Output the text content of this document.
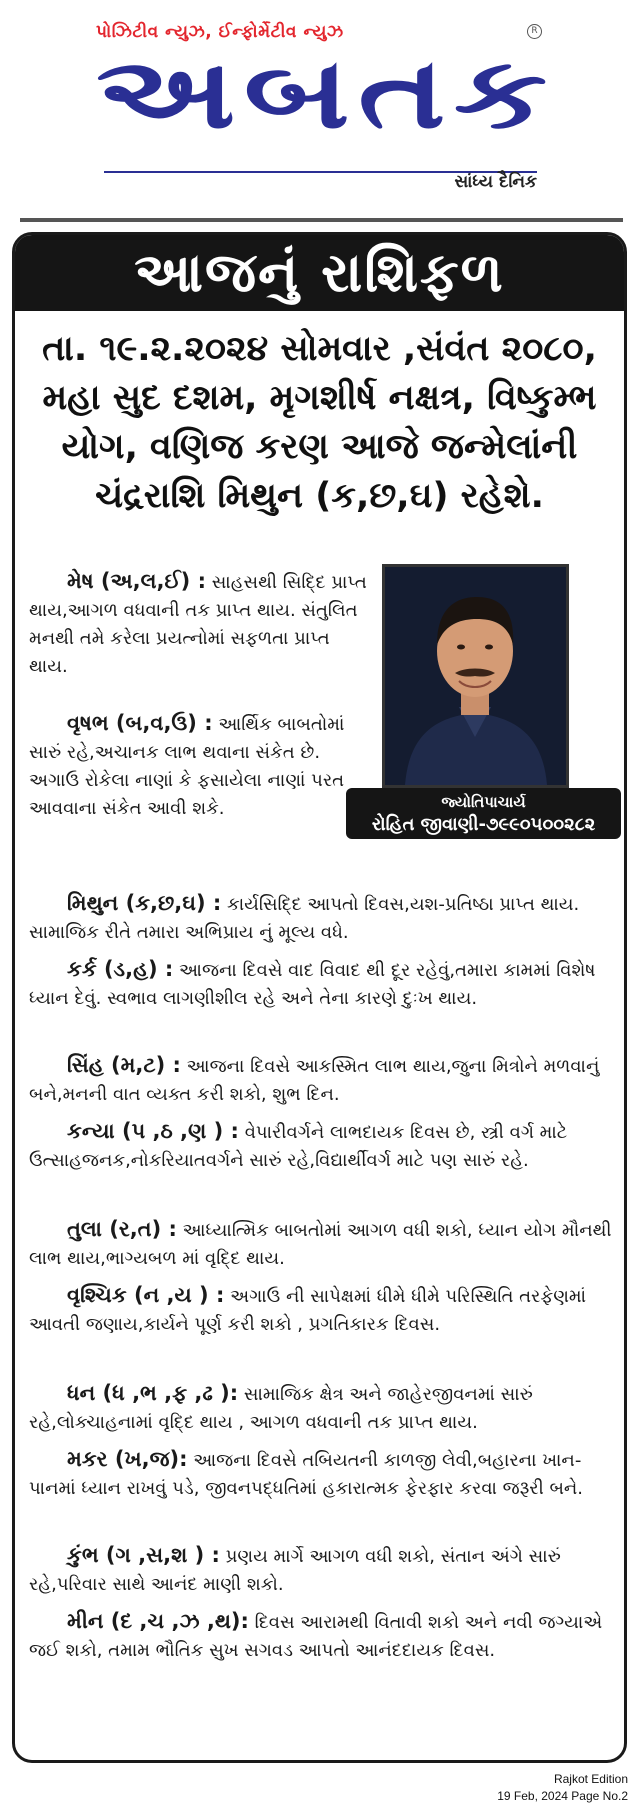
પોઝિટીવ ન્યુઝ, ઈન્ફોર્મેટીવ ન્યુઝ	R
અબતક
સાંધ્ય દૈનિક
આજનું રાશિફળ
તા. ૧૯.૨.૨૦૨૪ સોમવાર ,સંવંત ૨૦૮૦, મહા સુદ દશમ, મૃગશીર્ષ નક્ષત્ર, વિષ્કુમ્ભ યોગ, વણિજ કરણ આજે જન્મેલાંની ચંદ્રરાશિ મિથુન (ક,છ,ઘ) રહેશે.
મેષ (અ,લ,ઈ) : સાહસથી સિદ્દિ પ્રાપ્ત થાય,આગળ વધવાની તક પ્રાપ્ત થાય. સંતુલિત મનથી તમે કરેલા પ્રયત્નોમાં સફળતા પ્રાપ્ત થાય.
વૃષભ (બ,વ,ઉ) : આર્થિક બાબતોમાં સારું રહે,અચાનક લાભ થવાના સંકેત છે. અગાઉ રોકેલા નાણાં કે ફસાયેલા નાણાં પરત આવવાના સંકેત આવી શકે.
મિથુન (ક,છ,ઘ) : કાર્યસિદ્દિ આપતો દિવસ,યશ-પ્રતિષ્ઠા પ્રાપ્ત થાય. સામાજિક રીતે તમારા અભિપ્રાય નું મૂલ્ય વધે.
કર્ક (ડ,હ) : આજના દિવસે વાદ વિવાદ થી દૂર રહેવું,તમારા કામમાં વિશેષ ધ્યાન દેવું. સ્વભાવ લાગણીશીલ રહે અને તેના કારણે દુઃખ થાય.
સિંહ (મ,ટ) : આજના દિવસે આકસ્મિત લાભ થાય,જુના મિત્રોને મળવાનું બને,મનની વાત વ્યક્ત કરી શકો, શુભ દિન.
કન્યા (પ ,ઠ ,ણ ) : વેપારીવર્ગને લાભદાયક દિવસ છે, સ્ત્રી વર્ગ માટે ઉત્સાહજનક,નોકરિયાતવર્ગને સારું રહે,વિદ્યાર્થીવર્ગ માટે પણ સારું રહે.
તુલા (ર,ત) : આધ્યાત્મિક બાબતોમાં આગળ વધી શકો, ધ્યાન યોગ મૌનથી લાભ થાય,ભાગ્યબળ માં વૃદ્દિ થાય.
વૃશ્ચિક (ન ,ય ) : અગાઉ ની સાપેક્ષમાં ધીમે ધીમે પરિસ્થિતિ તરફેણમાં આવતી જણાય,કાર્યને પૂર્ણ કરી શકો , પ્રગતિકારક દિવસ.
ધન (ધ ,ભ ,ફ ,ઢ ): સામાજિક ક્ષેત્ર અને જાહેરજીવનમાં સારું રહે,લોક્ચાહનામાં વૃદ્દિ થાય , આગળ વધવાની તક પ્રાપ્ત થાય.
મકર (ખ,જ): આજના દિવસે તબિયતની કાળજી લેવી,બહારના ખાન-પાનમાં ધ્યાન રાખવું પડે, જીવનપદ્ધતિમાં હકારાત્મક ફેરફાર કરવા જરૂરી બને.
કુંભ (ગ ,સ,શ ) : પ્રણય માર્ગે આગળ વધી શકો, સંતાન અંગે સારું રહે,પરિવાર સાથે આનંદ માણી શકો.
મીન (દ ,ચ ,ઝ ,થ): દિવસ આરામથી વિતાવી શકો અને નવી જગ્યાએ જઈ શકો, તમામ ભૌતિક સુખ સગવડ આપતો આનંદદાયક દિવસ.
જ્યોતિપાચાર્ય
રોહિત જીવાણી-૭૯૯૦૫૦૦૨૮૨
Rajkot Edition
19 Feb, 2024 Page No.2
